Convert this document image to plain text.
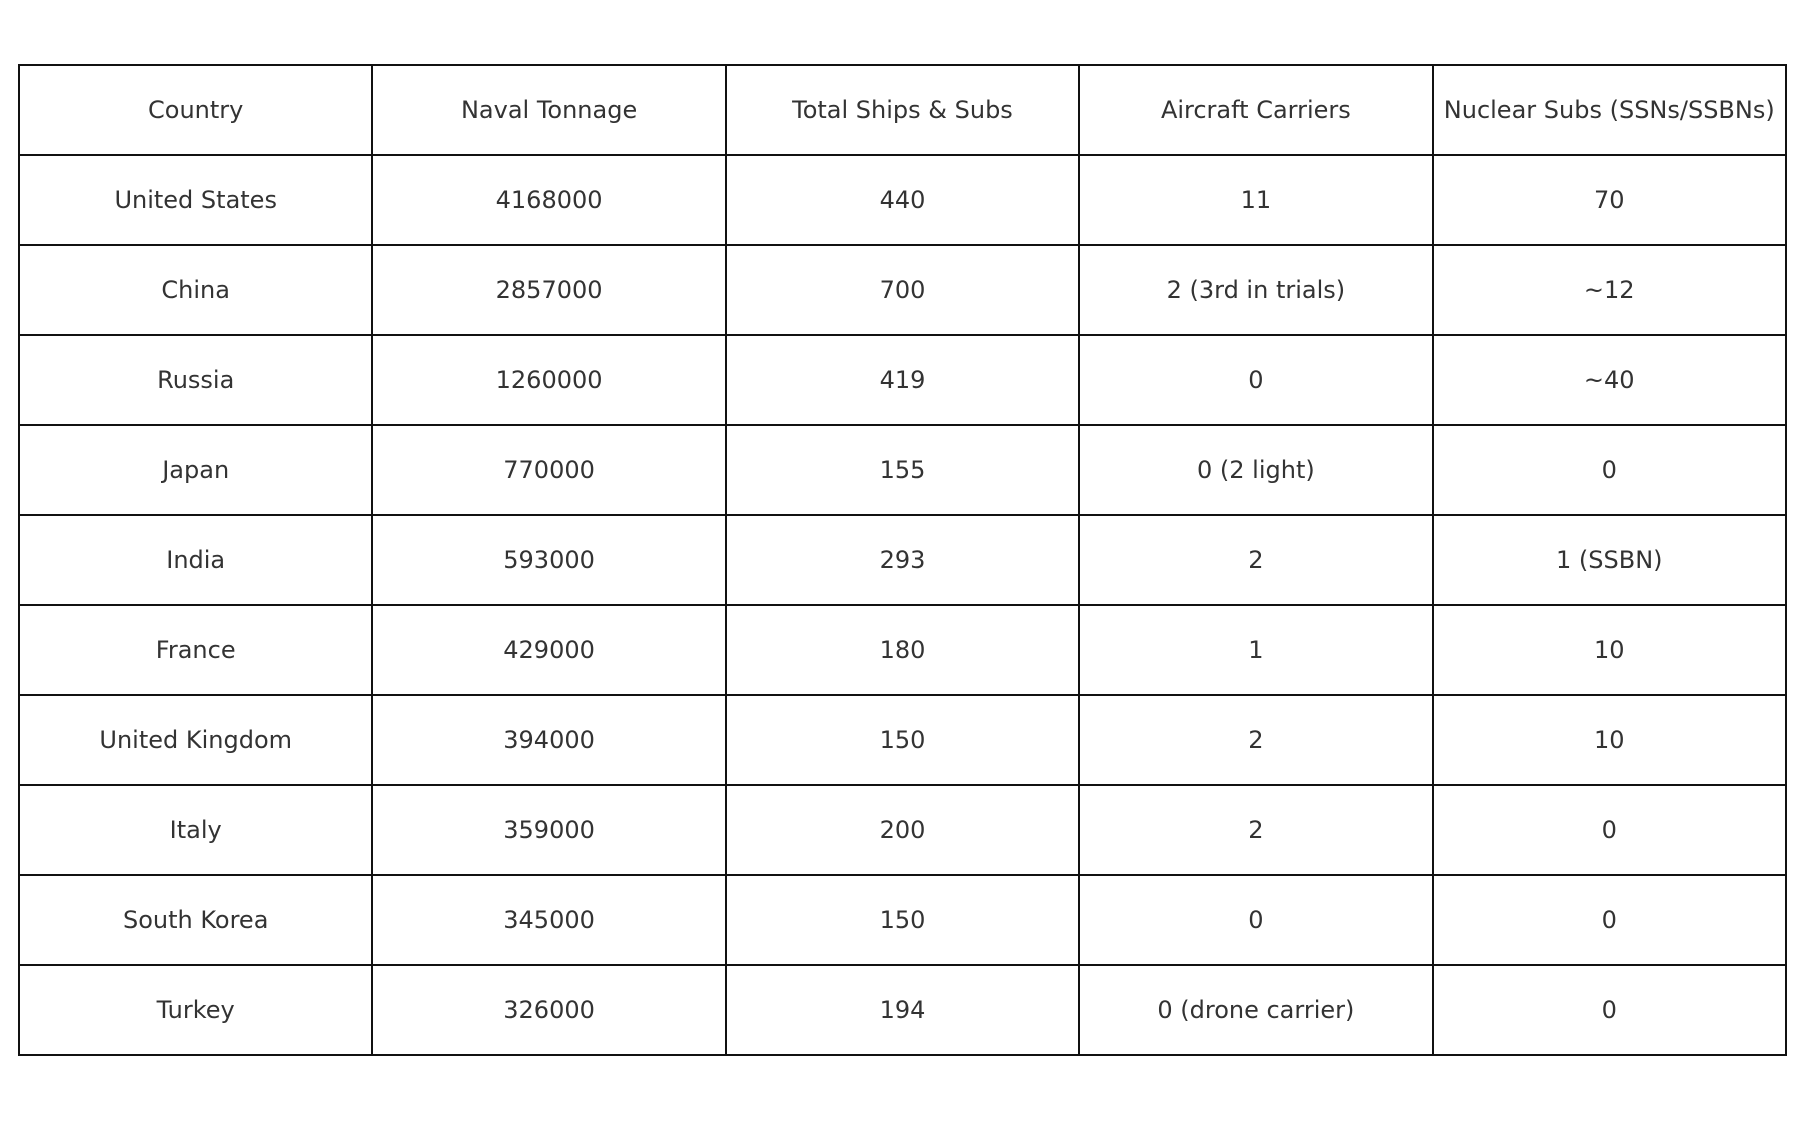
Country	Naval Tonnage	Total Ships & Subs	Aircraft Carriers	Nuclear Subs (SSNs/SSBNs)
United States	4168000	440	11	70
China	2857000	700	2 (3rd in trials)	~12
Russia	1260000	419	0	~40
Japan	770000	155	0 (2 light)	0
India	593000	293	2	1 (SSBN)
France	429000	180	1	10
United Kingdom	394000	150	2	10
Italy	359000	200	2	0
South Korea	345000	150	0	0
Turkey	326000	194	0 (drone carrier)	0
